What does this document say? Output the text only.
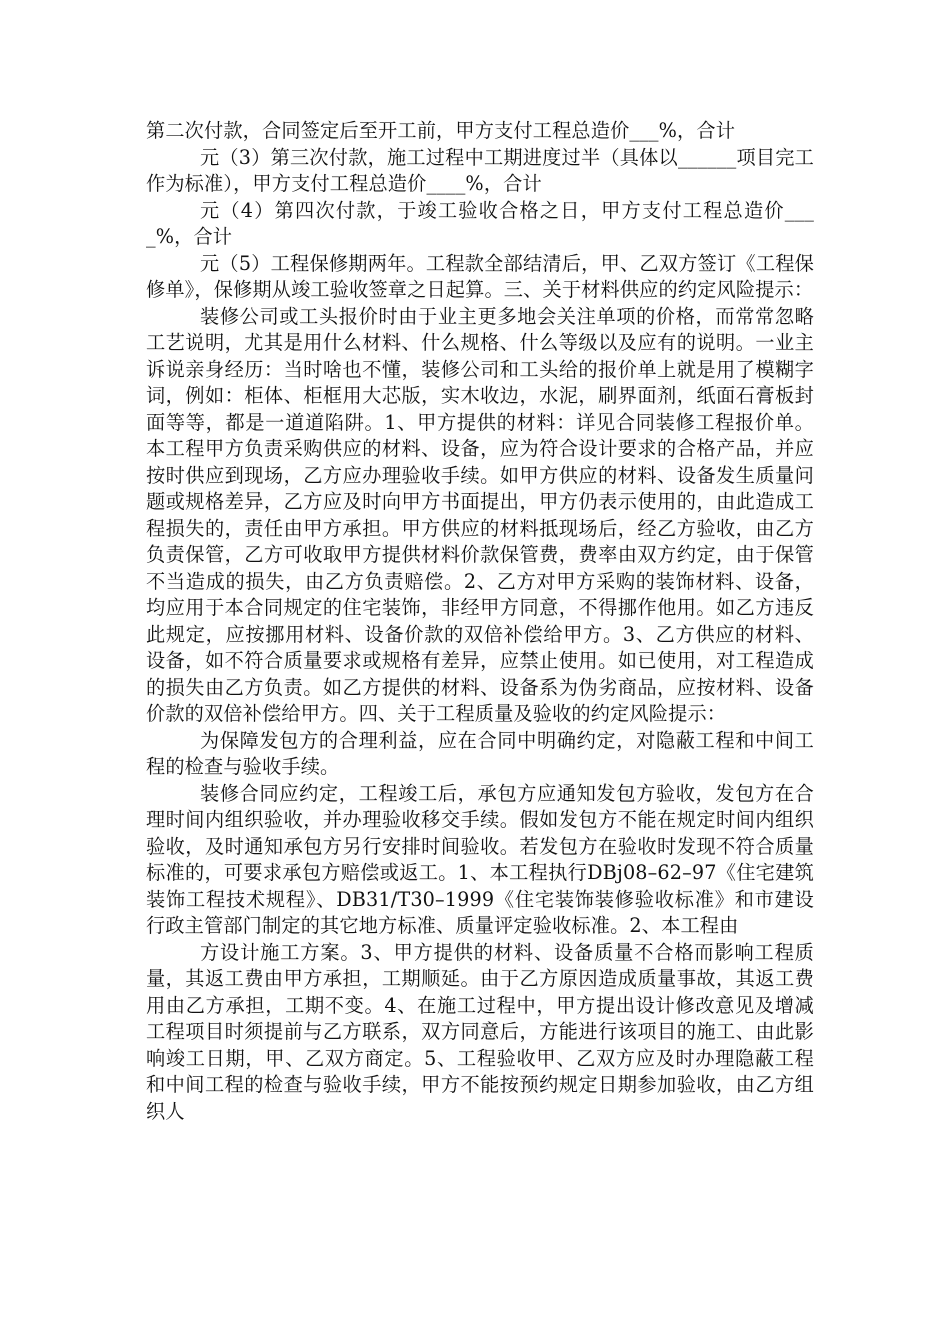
第二次付款，合同签定后至开工前，甲方支付工程总造价___%，合计

元（3）第三次付款，施工过程中工期进度过半（具体以______项目完工作为标准），甲方支付工程总造价____%，合计

元（4）第四次付款，于竣工验收合格之日，甲方支付工程总造价____%，合计

元（5）工程保修期两年。工程款全部结清后，甲、乙双方签订《工程保修单》，保修期从竣工验收签章之日起算。三、关于材料供应的约定风险提示：

装修公司或工头报价时由于业主更多地会关注单项的价格，而常常忽略工艺说明，尤其是用什么材料、什么规格、什么等级以及应有的说明。一业主诉说亲身经历：当时啥也不懂，装修公司和工头给的报价单上就是用了模糊字词，例如：柜体、柜框用大芯版，实木收边，水泥，刷界面剂，纸面石膏板封面等等，都是一道道陷阱。1、甲方提供的材料：详见合同装修工程报价单。本工程甲方负责采购供应的材料、设备，应为符合设计要求的合格产品，并应按时供应到现场，乙方应办理验收手续。如甲方供应的材料、设备发生质量问题或规格差异，乙方应及时向甲方书面提出，甲方仍表示使用的，由此造成工程损失的，责任由甲方承担。甲方供应的材料抵现场后，经乙方验收，由乙方负责保管，乙方可收取甲方提供材料价款保管费，费率由双方约定，由于保管不当造成的损失，由乙方负责赔偿。2、乙方对甲方采购的装饰材料、设备，均应用于本合同规定的住宅装饰，非经甲方同意，不得挪作他用。如乙方违反此规定，应按挪用材料、设备价款的双倍补偿给甲方。3、乙方供应的材料、设备，如不符合质量要求或规格有差异，应禁止使用。如已使用，对工程造成的损失由乙方负责。如乙方提供的材料、设备系为伪劣商品，应按材料、设备价款的双倍补偿给甲方。四、关于工程质量及验收的约定风险提示：

为保障发包方的合理利益，应在合同中明确约定，对隐蔽工程和中间工程的检查与验收手续。

装修合同应约定，工程竣工后，承包方应通知发包方验收，发包方在合理时间内组织验收，并办理验收移交手续。假如发包方不能在规定时间内组织验收，及时通知承包方另行安排时间验收。若发包方在验收时发现不符合质量标准的，可要求承包方赔偿或返工。1、本工程执行DBj08–62–97《住宅建筑装饰工程技术规程》、DB31/T30–1999《住宅装饰装修验收标准》和市建设行政主管部门制定的其它地方标准、质量评定验收标准。2、本工程由

方设计施工方案。3、甲方提供的材料、设备质量不合格而影响工程质量，其返工费由甲方承担，工期顺延。由于乙方原因造成质量事故，其返工费用由乙方承担，工期不变。4、在施工过程中，甲方提出设计修改意见及增减工程项目时须提前与乙方联系，双方同意后，方能进行该项目的施工、由此影响竣工日期，甲、乙双方商定。5、工程验收甲、乙双方应及时办理隐蔽工程和中间工程的检查与验收手续，甲方不能按预约规定日期参加验收，由乙方组织人
